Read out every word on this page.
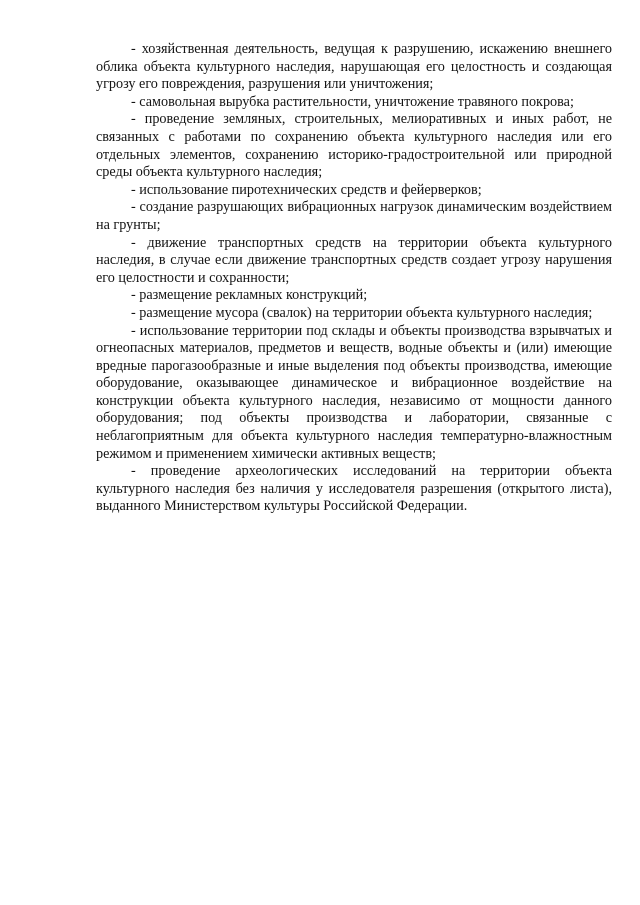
- хозяйственная деятельность, ведущая к разрушению, искажению внешнего облика объекта культурного наследия, нарушающая его целостность и создающая угрозу его повреждения, разрушения или уничтожения;

- самовольная вырубка растительности, уничтожение травяного покрова;

- проведение земляных, строительных, мелиоративных и иных работ, не связанных с работами по сохранению объекта культурного наследия или его отдельных элементов, сохранению историко-градостроительной или природной среды объекта культурного наследия;

- использование пиротехнических средств и фейерверков;

- создание разрушающих вибрационных нагрузок динамическим воздействием на грунты;

- движение транспортных средств на территории объекта культурного наследия, в случае если движение транспортных средств создает угрозу нарушения его целостности и сохранности;

- размещение рекламных конструкций;

- размещение мусора (свалок) на территории объекта культурного наследия;

- использование территории под склады и объекты производства взрывчатых и огнеопасных материалов, предметов и веществ, водные объекты и (или) имеющие вредные парогазообразные и иные выделения под объекты производства, имеющие оборудование, оказывающее динамическое и вибрационное воздействие на конструкции объекта культурного наследия, независимо от мощности данного оборудования; под объекты производства и лаборатории, связанные с неблагоприятным для объекта культурного наследия температурно-влажностным режимом и применением химически активных веществ;

- проведение археологических исследований на территории объекта культурного наследия без наличия у исследователя разрешения (открытого листа), выданного Министерством культуры Российской Федерации.
